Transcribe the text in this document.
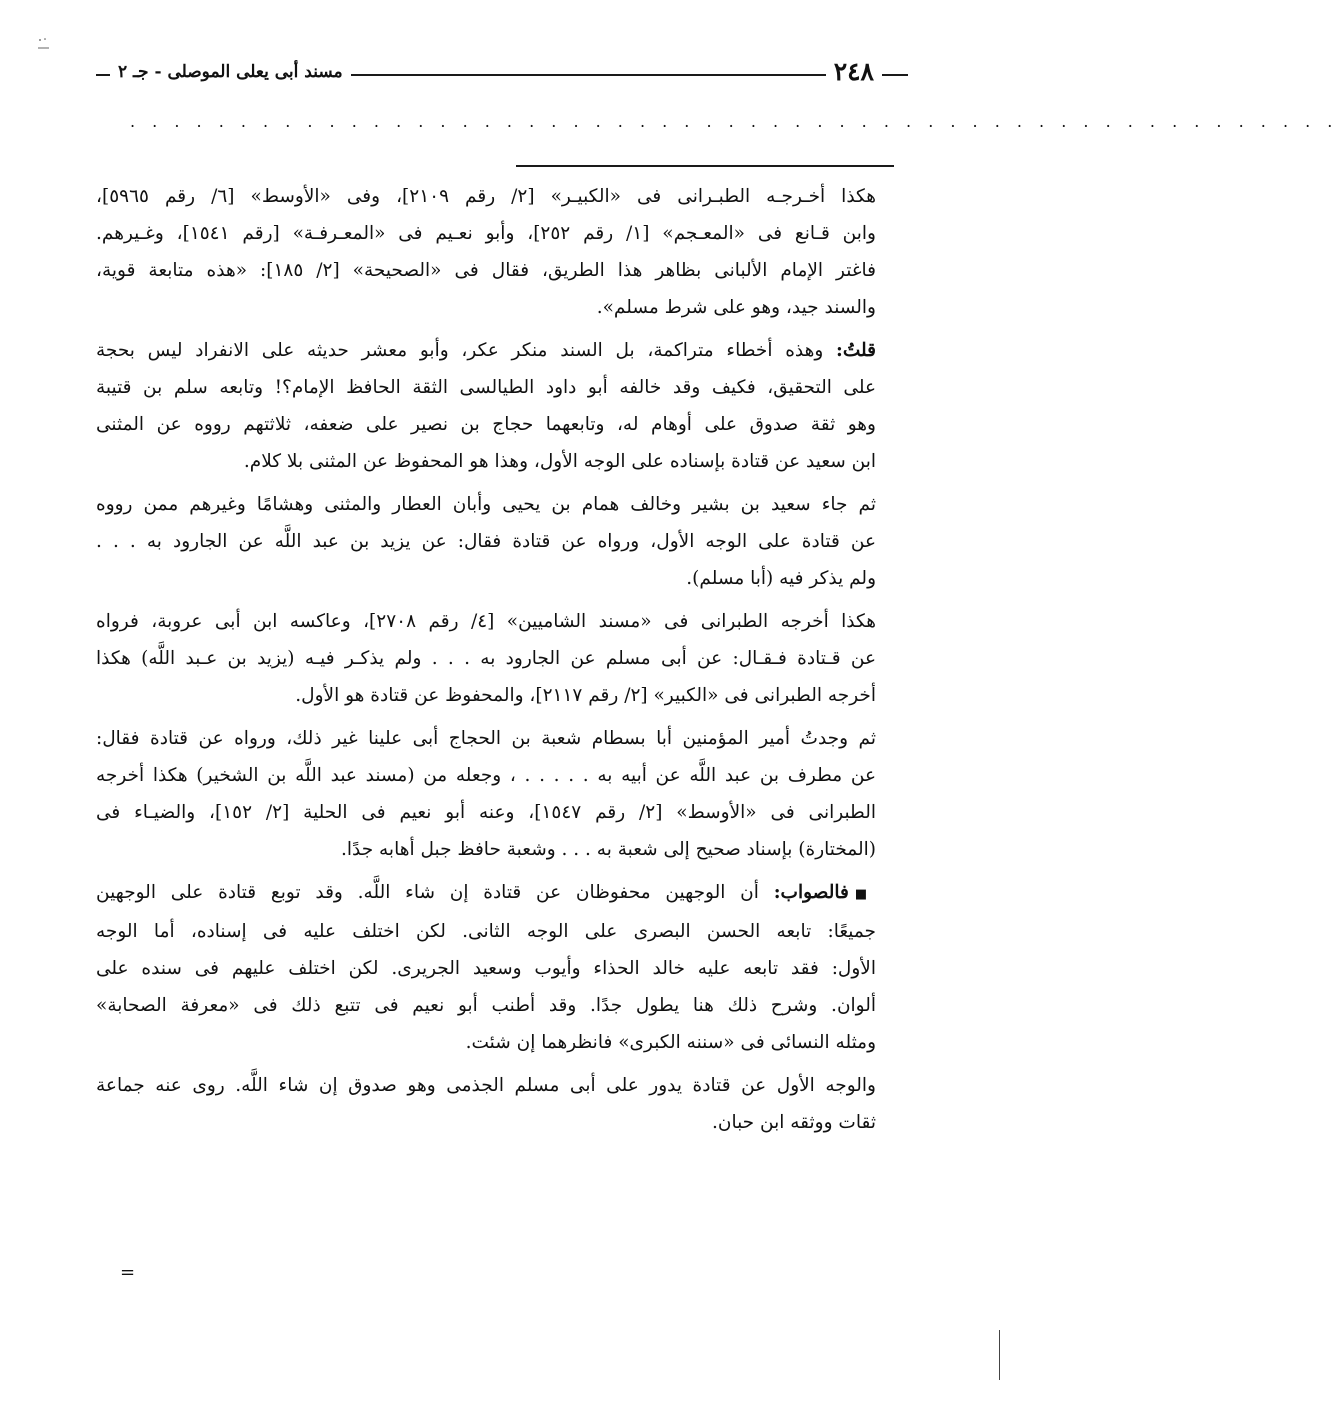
٢٤٨
مسند أبى يعلى الموصلى - جـ ٢
. . . . . . . . . . . . . . . . . . . . . . . . . . . . . . . . . . . . . . . . . . . . . . . . . . . . . . .
هكذا أخـرجـه الطبـرانى فى «الكبيـر» [٢/ رقم ٢١٠٩]، وفى «الأوسط» [٦/ رقم ٥٩٦٥]،
وابن قـانع فى «المعـجم» [١/ رقم ٢٥٢]، وأبو نعـيم فى «المعـرفـة» [رقم ١٥٤١]، وغـيرهم.
فاغتر الإمام الألبانى بظاهر هذا الطريق، فقال فى «الصحيحة» [٢/ ١٨٥]: «هذه متابعة قوية،
والسند جيد، وهو على شرط مسلم».
قلتُ: وهذه أخطاء متراكمة، بل السند منكر عكر، وأبو معشر حديثه على الانفراد ليس بحجة
على التحقيق، فكيف وقد خالفه أبو داود الطيالسى الثقة الحافظ الإمام؟! وتابعه سلم بن قتيبة
وهو ثقة صدوق على أوهام له، وتابعهما حجاج بن نصير على ضعفه، ثلاثتهم رووه عن المثنى
ابن سعيد عن قتادة بإسناده على الوجه الأول، وهذا هو المحفوظ عن المثنى بلا كلام.
ثم جاء سعيد بن بشير وخالف همام بن يحيى وأبان العطار والمثنى وهشامًا وغيرهم ممن رووه
عن قتادة على الوجه الأول، ورواه عن قتادة فقال: عن يزيد بن عبد اللَّه عن الجارود به . . .
ولم يذكر فيه (أبا مسلم).
هكذا أخرجه الطبرانى فى «مسند الشاميين» [٤/ رقم ٢٧٠٨]، وعاكسه ابن أبى عروبة، فرواه
عن قـتادة فـقـال: عن أبى مسلم عن الجارود به . . . ولم يذكـر فيـه (يزيد بن عـبد اللَّه) هكذا
أخرجه الطبرانى فى «الكبير» [٢/ رقم ٢١١٧]، والمحفوظ عن قتادة هو الأول.
ثم وجدتُ أمير المؤمنين أبا بسطام شعبة بن الحجاج أبى علينا غير ذلك، ورواه عن قتادة فقال:
عن مطرف بن عبد اللَّه عن أبيه به . . . . . ، وجعله من (مسند عبد اللَّه بن الشخير) هكذا أخرجه
الطبرانى فى «الأوسط» [٢/ رقم ١٥٤٧]، وعنه أبو نعيم فى الحلية [٢/ ١٥٢]، والضيـاء فى
(المختارة) بإسناد صحيح إلى شعبة به . . . وشعبة حافظ جبل أهابه جدًا.
■فالصواب: أن الوجهين محفوظان عن قتادة إن شاء اللَّه. وقد توبع قتادة على الوجهين
جميعًا: تابعه الحسن البصرى على الوجه الثانى. لكن اختلف عليه فى إسناده، أما الوجه
الأول: فقد تابعه عليه خالد الحذاء وأيوب وسعيد الجريرى. لكن اختلف عليهم فى سنده على
ألوان. وشرح ذلك هنا يطول جدًا. وقد أطنب أبو نعيم فى تتبع ذلك فى «معرفة الصحابة»
ومثله النسائى فى «سننه الكبرى» فانظرهما إن شئت.
والوجه الأول عن قتادة يدور على أبى مسلم الجذمى وهو صدوق إن شاء اللَّه. روى عنه جماعة
ثقات ووثقه ابن حبان.
=
